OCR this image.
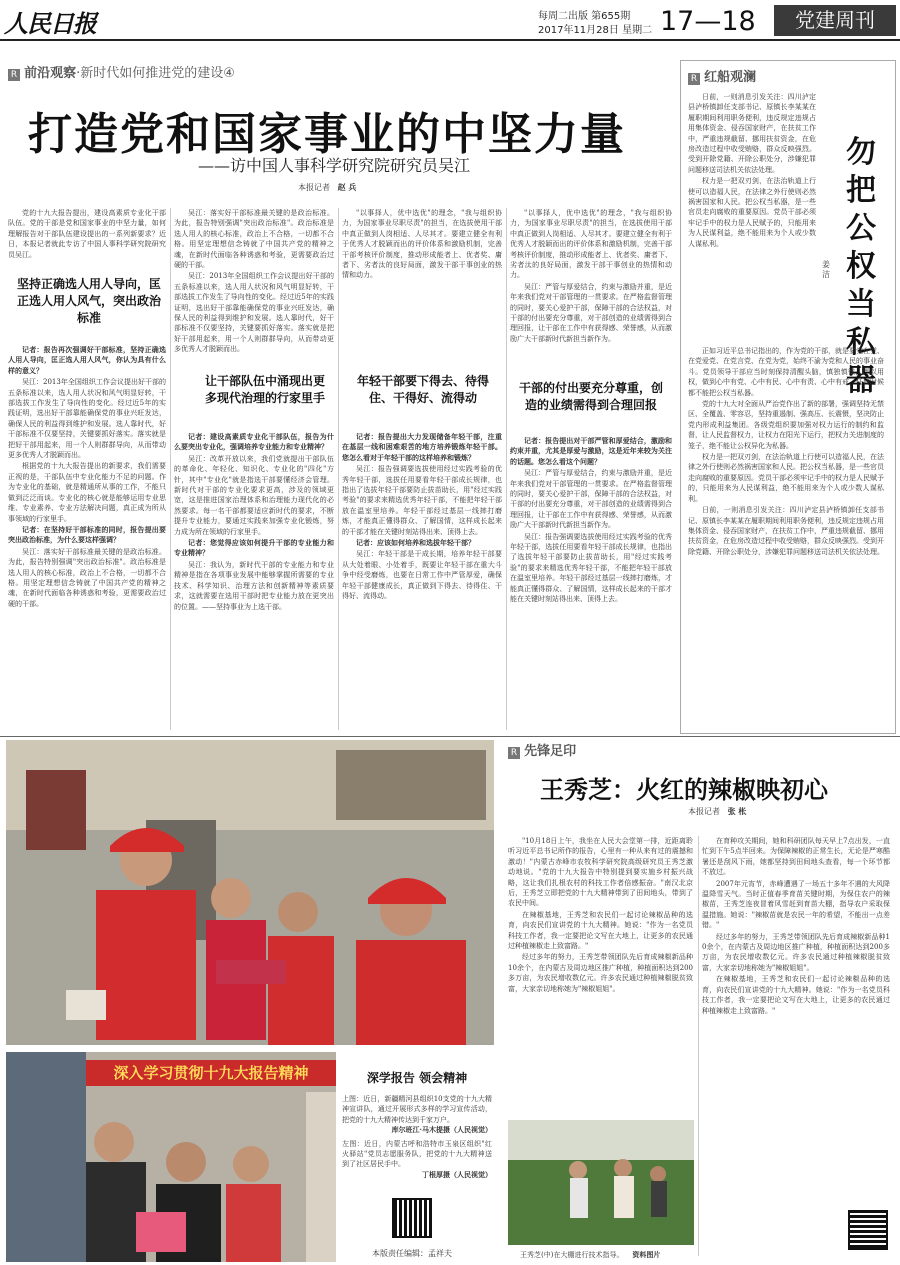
人民日报	每周二出版 第655期
2017年11月28日 星期二 17—18	党建周刊
R 前沿观察·新时代如何推进党的建设④
打造党和国家事业的中坚力量
——访中国人事科学研究院研究员吴江
本报记者 赵 兵

党的十九大报告提出，建设高素质专业化干部队伍。党的干部是党和国家事业的中坚力量，如何理解报告对干部队伍建设提出的一系列新要求？近日，本报记者就此专访了中国人事科学研究院研究员吴江。

坚持正确选人用人导向，匡正选人用人风气，突出政治标准

记者：报告再次强调好干部标准，坚持正确选人用人导向，匡正选人用人风气，你认为具有什么样的意义？

吴江：2013年全国组织工作会议提出好干部的五条标准以来，选人用人状况和风气明显好转，干部选拔工作发生了导向性的变化。经过近5年的实践证明，选出好干部靠能确保党的事业兴旺发达，确保人民的利益得到维护和发展。选人靠时代，好干部标准不仅要坚持，关键要抓好落实。落实就是把好干部用起来，用一个人则群群导向，从而带动更多优秀人才脱颖而出。

根据党的十九大报告提出的新要求，我们需要正视的是，干部队伍中专业化能力不足的问题。作为专业化的基础，就是精通所从事的工作，不能只做到泛泛而谈。专业化的核心就是能够运用专业思维、专业素养、专业方法解决问题，真正成为所从事领域的行家里手。

记者：在坚持好干部标准的同时，报告提出要突出政治标准，为什么要这样强调？

吴江：落实好干部标准最关键的是政治标准。为此，报告特别强调"突出政治标准"。政治标准是选人用人的核心标准，政治上不合格，一切都不合格。用坚定理想信念铸就了中国共产党的精神之魂，在新时代面临各种诱惑和考验，更需要政治过硬的干部。

吴江：落实好干部标准最关键的是政治标准。为此，报告特别强调"突出政治标准"。政治标准是选人用人的核心标准，政治上不合格，一切都不合格。用坚定理想信念铸就了中国共产党的精神之魂，在新时代面临各种诱惑和考验，更需要政治过硬的干部。

吴江：2013年全国组织工作会议提出好干部的五条标准以来，选人用人状况和风气明显好转，干部选拔工作发生了导向性的变化。经过近5年的实践证明，选出好干部靠能确保党的事业兴旺发达，确保人民的利益得到维护和发展。选人靠时代，好干部标准不仅要坚持，关键要抓好落实。落实就是把好干部用起来，用一个人则群群导向，从而带动更多优秀人才脱颖而出。

让干部队伍中涌现出更多现代治理的行家里手

记者：建设高素质专业化干部队伍，报告为什么要突出专业化，强调培养专业能力和专业精神？

吴江：改革开放以来，我们党就提出干部队伍的革命化、年轻化、知识化、专业化的"四化"方针，其中"专业化"就是指选干部要懂经济会管理。新时代对干部的专业化要求更高，涉及的领域更宽，这是推进国家治理体系和治理能力现代化的必然要求。每一名干部都要适应新时代的要求，不断提升专业能力，要通过实践来加强专业化锻炼，努力成为所在领域的行家里手。

记者：您觉得应该如何提升干部的专业能力和专业精神？

吴江：我认为，新时代干部的专业能力和专业精神是指在各项事业发展中能够掌握所需要的专业技术、科学知识、治理方法和创新精神等素质要求，这就需要在选用干部时把专业能力放在更突出的位置。——坚持事业为上选干部。

"以事择人，优中选优"的理念，"我与组织协力，为国家事业尽职尽责"的担当，在选拔使用干部中真正做到人岗相适、人尽其才。要建立健全有利于优秀人才脱颖而出的评价体系和激励机制，完善干部考核评价制度，推动形成能者上、优者奖、庸者下、劣者汰的良好局面，激发干部干事创业的热情和动力。

年轻干部要下得去、待得住、干得好、流得动

记者：报告提出大力发现储备年轻干部，注重在基层一线和困难艰苦的地方培养锻炼年轻干部。您怎么看对于年轻干部的这样培养和锻炼？

吴江：报告强调要选拔使用经过实践考验的优秀年轻干部，选拔任用要看年轻干部成长规律，也指出了选拔年轻干部要防止拔苗助长，用"经过实践考验"的要求来精选优秀年轻干部，不能把年轻干部放在温室里培养。年轻干部经过基层一线摔打磨炼，才能真正懂得群众、了解国情，这样成长起来的干部才能在关键时刻站得出来、顶得上去。

记者：应该如何培养和选拔年轻干部？

吴江：年轻干部是干成长期，培养年轻干部要从大处着眼、小处着手，既要让年轻干部在重大斗争中经受磨炼，也要在日常工作中严管厚爱，确保年轻干部健康成长，真正做到下得去、待得住、干得好、流得动。

"以事择人，优中选优"的理念，"我与组织协力，为国家事业尽职尽责"的担当，在选拔使用干部中真正做到人岗相适、人尽其才。要建立健全有利于优秀人才脱颖而出的评价体系和激励机制，完善干部考核评价制度，推动形成能者上、优者奖、庸者下、劣者汰的良好局面，激发干部干事创业的热情和动力。

吴江：严管与厚爱结合，约束与激励并重，是近年来我们党对干部管理的一贯要求。在严格监督管理的同时，要关心爱护干部，保障干部的合法权益，对干部的付出要充分尊重，对干部创造的业绩需得到合理回报，让干部在工作中有获得感、荣誉感，从而激励广大干部新时代新担当新作为。

干部的付出要充分尊重，创造的业绩需得到合理回报

记者：报告提出对干部严管和厚爱结合，激励和约束并重，尤其是厚爱与激励，这是近年来较为关注的话题。您怎么看这个问题？

吴江：严管与厚爱结合，约束与激励并重，是近年来我们党对干部管理的一贯要求。在严格监督管理的同时，要关心爱护干部，保障干部的合法权益，对干部的付出要充分尊重，对干部创造的业绩需得到合理回报，让干部在工作中有获得感、荣誉感，从而激励广大干部新时代新担当新作为。

吴江：报告强调要选拔使用经过实践考验的优秀年轻干部，选拔任用要看年轻干部成长规律，也指出了选拔年轻干部要防止拔苗助长，用"经过实践考验"的要求来精选优秀年轻干部，不能把年轻干部放在温室里培养。年轻干部经过基层一线摔打磨炼，才能真正懂得群众、了解国情，这样成长起来的干部才能在关键时刻站得出来、顶得上去。

R 红船观澜
勿把公权当私器
姜 洁

日前，一则消息引发关注：四川泸定县泸桥镇卸任支部书记、原镇长李某某在履职期间利用职务便利，违反规定违规占用集体资金、侵吞国家财产，在扶贫工作中，严重违规截留、挪用扶贫资金，在危房改造过程中收受贿赂，群众反映强烈。受到开除党籍、开除公职处分，涉嫌犯罪问题移送司法机关依法处理。

权力是一把双刃剑，在法治轨道上行使可以造福人民，在法律之外行使则必然祸害国家和人民。把公权当私器，是一些官员走向腐败的重要原因。党员干部必须牢记手中的权力是人民赋予的，只能用来为人民谋利益，绝不能用来为个人或少数人谋私利。

正如习近平总书记指出的，作为党的干部，就是要党在党、在党爱党、在党言党、在党为党，始终不渝为党和人民的事业奋斗。党员领导干部应当时刻保持清醒头脑，慎独慎微，严以用权，做到心中有党、心中有民、心中有责、心中有戒，任何时候都不能把公权当私器。

党的十九大对全面从严治党作出了新的部署，强调坚持无禁区、全覆盖、零容忍，坚持重遏制、强高压、长震慑，坚决防止党内形成利益集团。各级党组织要加强对权力运行的制约和监督，让人民监督权力，让权力在阳光下运行，把权力关进制度的笼子，绝不能让公权异化为私器。

权力是一把双刃剑，在法治轨道上行使可以造福人民，在法律之外行使则必然祸害国家和人民。把公权当私器，是一些官员走向腐败的重要原因。党员干部必须牢记手中的权力是人民赋予的，只能用来为人民谋利益，绝不能用来为个人或少数人谋私利。

日前，一则消息引发关注：四川泸定县泸桥镇卸任支部书记、原镇长李某某在履职期间利用职务便利，违反规定违规占用集体资金、侵吞国家财产，在扶贫工作中，严重违规截留、挪用扶贫资金，在危房改造过程中收受贿赂，群众反映强烈。受到开除党籍、开除公职处分，涉嫌犯罪问题移送司法机关依法处理。

深入学习贯彻十九大报告精神	深学报告 领会精神
上图：近日，新疆精河县组织10支党的十九大精神宣讲队，通过开展形式多样的学习宣传活动，把党的十九大精神传达到千家万户。
库尔班江·马木提摄（人民视觉）
左图：近日，内蒙古呼和浩特市玉泉区组织"红火驿站"党员志愿服务队，把党的十九大精神送到了社区居民手中。
丁根厚摄（人民视觉）
本版责任编辑：孟祥夫
R 先锋足印
王秀芝：火红的辣椒映初心
本报记者 张 枨

"10月18日上午，我坐在人民大会堂第一排，近距离聆听习近平总书记所作的报告，心里有一种从来有过的震撼和激动！"内蒙古赤峰市农牧科学研究院高级研究员王秀芝激动地说。"党的十九大报告中特别提到要实施乡村振兴战略，这让我们扎根农村的科技工作者倍感振奋。"南汉北京后，王秀芝立即把党的十九大精神带到了田间地头，带到了农民中间。

在辣椒基地，王秀芝和农民们一起讨论辣椒品种的选育，向农民们宣讲党的十九大精神。她说："作为一名党员科技工作者，我一定要把论文写在大地上，让更多的农民通过种植辣椒走上致富路。"

经过多年的努力，王秀芝带领团队先后育成辣椒新品种10余个，在内蒙古及周边地区推广种植，种植面积达到200多万亩，为农民增收数亿元。许多农民通过种植辣椒脱贫致富，大家亲切地称她为"辣椒姐姐"。

在育种攻关期间，她和科研团队每天早上7点出发，一直忙到下午5点半回来。为保障辣椒的正常生长，无论是严寒酷暑还是刮风下雨，她都坚持到田间地头查看，每一个环节都不放过。

2007年元宵节，赤峰遭遇了一场五十多年不遇的大风降温降雪天气。当时正值春季育苗关键时期，为保住农户的辣椒苗，王秀芝连夜冒着风雪赶到育苗大棚，指导农户采取保温措施。她说："辣椒苗就是农民一年的希望，不能出一点差错。"

经过多年的努力，王秀芝带领团队先后育成辣椒新品种10余个，在内蒙古及周边地区推广种植，种植面积达到200多万亩，为农民增收数亿元。许多农民通过种植辣椒脱贫致富，大家亲切地称她为"辣椒姐姐"。

在辣椒基地，王秀芝和农民们一起讨论辣椒品种的选育，向农民们宣讲党的十九大精神。她说："作为一名党员科技工作者，我一定要把论文写在大地上，让更多的农民通过种植辣椒走上致富路。"

王秀芝(中)在大棚进行技术指导。 资料图片
